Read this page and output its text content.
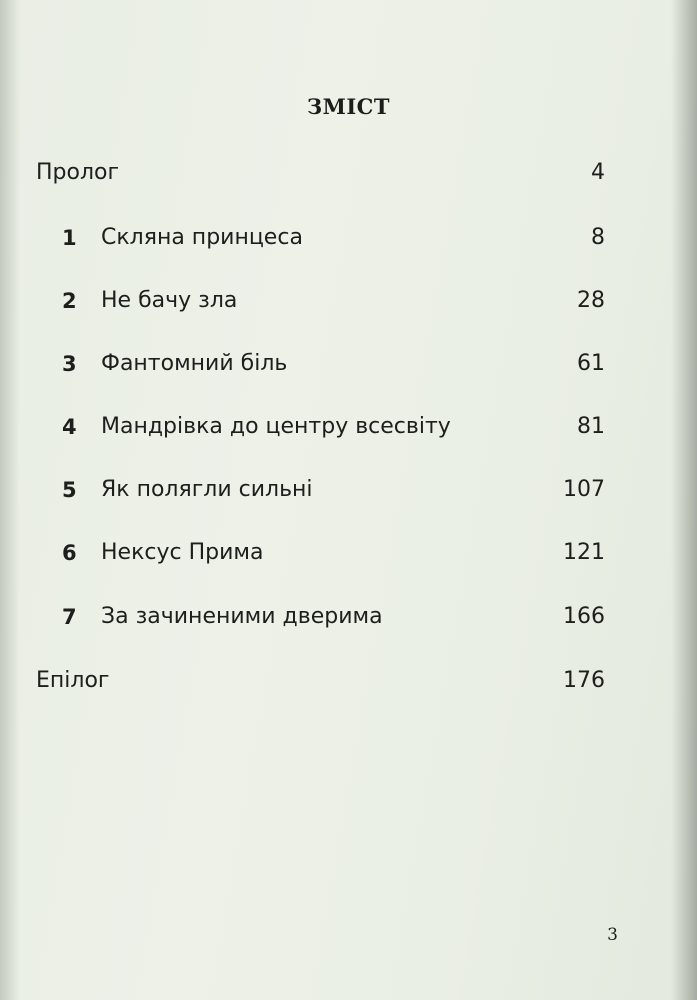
ЗМІСТ
Пролог	4
1 Скляна принцеса	8
2 Не бачу зла	28
3 Фантомний біль	61
4 Мандрівка до центру всесвіту	81
5 Як полягли сильні	107
6 Нексус Прима	121
7 За зачиненими дверима	166
Епілог	176
3
